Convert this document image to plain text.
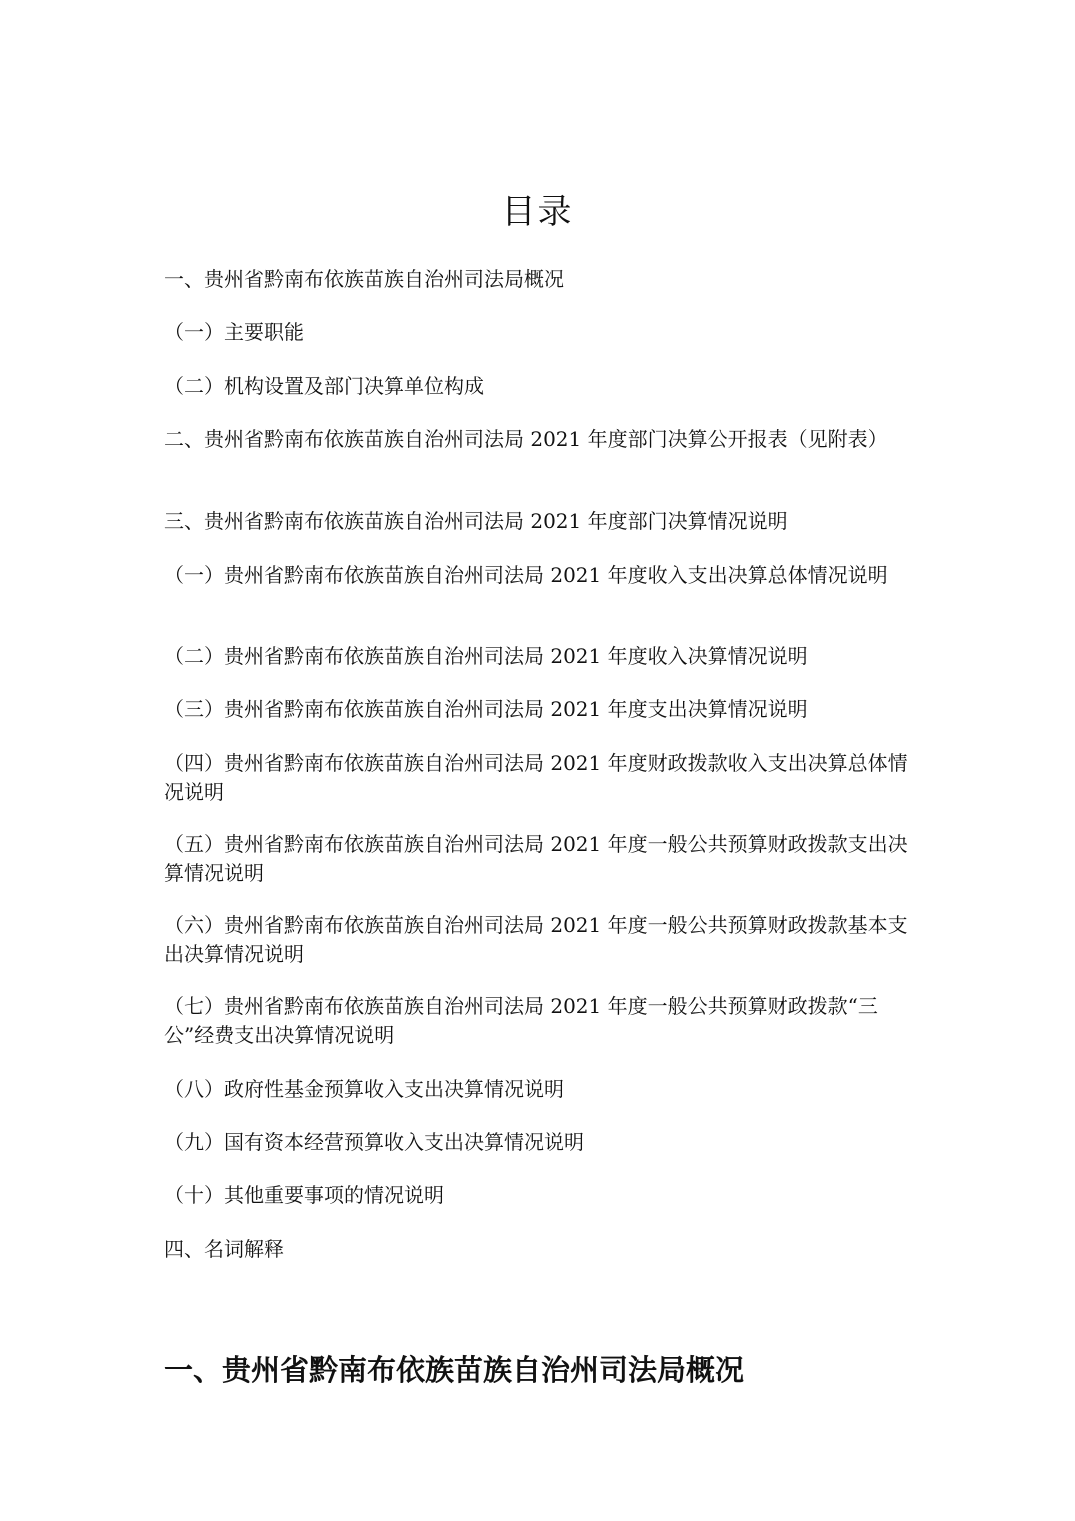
目录

一、贵州省黔南布依族苗族自治州司法局概况

（一）主要职能

（二）机构设置及部门决算单位构成

二、贵州省黔南布依族苗族自治州司法局 2021 年度部门决算公开报表（见附表）

三、贵州省黔南布依族苗族自治州司法局 2021 年度部门决算情况说明

（一）贵州省黔南布依族苗族自治州司法局 2021 年度收入支出决算总体情况说明

（二）贵州省黔南布依族苗族自治州司法局 2021 年度收入决算情况说明

（三）贵州省黔南布依族苗族自治州司法局 2021 年度支出决算情况说明

（四）贵州省黔南布依族苗族自治州司法局 2021 年度财政拨款收入支出决算总体情况说明

（五）贵州省黔南布依族苗族自治州司法局 2021 年度一般公共预算财政拨款支出决算情况说明

（六）贵州省黔南布依族苗族自治州司法局 2021 年度一般公共预算财政拨款基本支出决算情况说明

（七）贵州省黔南布依族苗族自治州司法局 2021 年度一般公共预算财政拨款“三公”经费支出决算情况说明

（八）政府性基金预算收入支出决算情况说明

（九）国有资本经营预算收入支出决算情况说明

（十）其他重要事项的情况说明

四、名词解释

一、贵州省黔南布依族苗族自治州司法局概况
